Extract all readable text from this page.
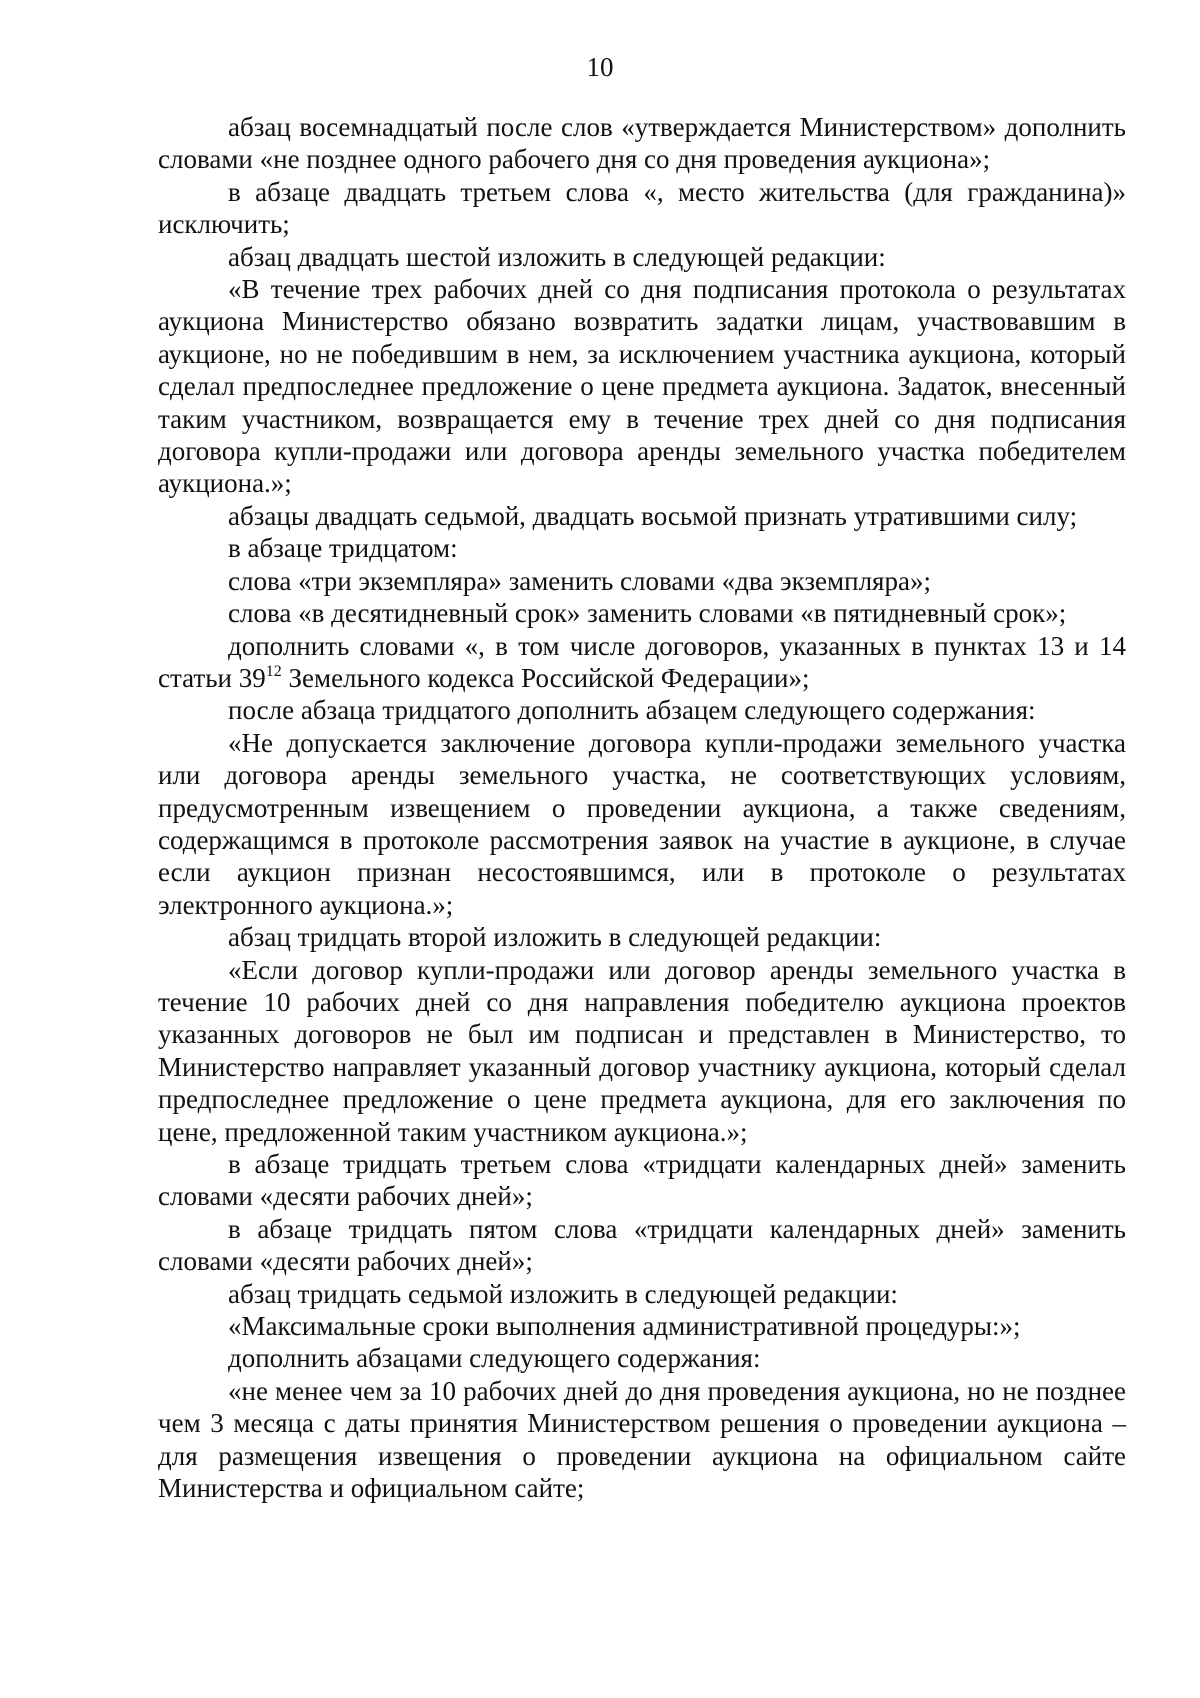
10

абзац восемнадцатый после слов «утверждается Министерством» дополнить словами «не позднее одного рабочего дня со дня проведения аукциона»;

в абзаце двадцать третьем слова «, место жительства (для гражданина)» исключить;

абзац двадцать шестой изложить в следующей редакции:

«В течение трех рабочих дней со дня подписания протокола о результатах аукциона Министерство обязано возвратить задатки лицам, участвовавшим в аукционе, но не победившим в нем, за исключением участника аукциона, который сделал предпоследнее предложение о цене предмета аукциона. Задаток, внесенный таким участником, возвращается ему в течение трех дней со дня подписания договора купли-продажи или договора аренды земельного участка победителем аукциона.»;

абзацы двадцать седьмой, двадцать восьмой признать утратившими силу;

в абзаце тридцатом:

слова «три экземпляра» заменить словами «два экземпляра»;

слова «в десятидневный срок» заменить словами «в пятидневный срок»;

дополнить словами «, в том числе договоров, указанных в пунктах 13 и 14 статьи $39^{12}$ Земельного кодекса Российской Федерации»;

после абзаца тридцатого дополнить абзацем следующего содержания:

«Не допускается заключение договора купли-продажи земельного участка или договора аренды земельного участка, не соответствующих условиям, предусмотренным извещением о проведении аукциона, а также сведениям, содержащимся в протоколе рассмотрения заявок на участие в аукционе, в случае если аукцион признан несостоявшимся, или в протоколе о результатах электронного аукциона.»;

абзац тридцать второй изложить в следующей редакции:

«Если договор купли-продажи или договор аренды земельного участка в течение 10 рабочих дней со дня направления победителю аукциона проектов указанных договоров не был им подписан и представлен в Министерство, то Министерство направляет указанный договор участнику аукциона, который сделал предпоследнее предложение о цене предмета аукциона, для его заключения по цене, предложенной таким участником аукциона.»;

в абзаце тридцать третьем слова «тридцати календарных дней» заменить словами «десяти рабочих дней»;

в абзаце тридцать пятом слова «тридцати календарных дней» заменить словами «десяти рабочих дней»;

абзац тридцать седьмой изложить в следующей редакции:

«Максимальные сроки выполнения административной процедуры:»;

дополнить абзацами следующего содержания:

«не менее чем за 10 рабочих дней до дня проведения аукциона, но не позднее чем 3 месяца с даты принятия Министерством решения о проведении аукциона – для размещения извещения о проведении аукциона на официальном сайте Министерства и официальном сайте;
